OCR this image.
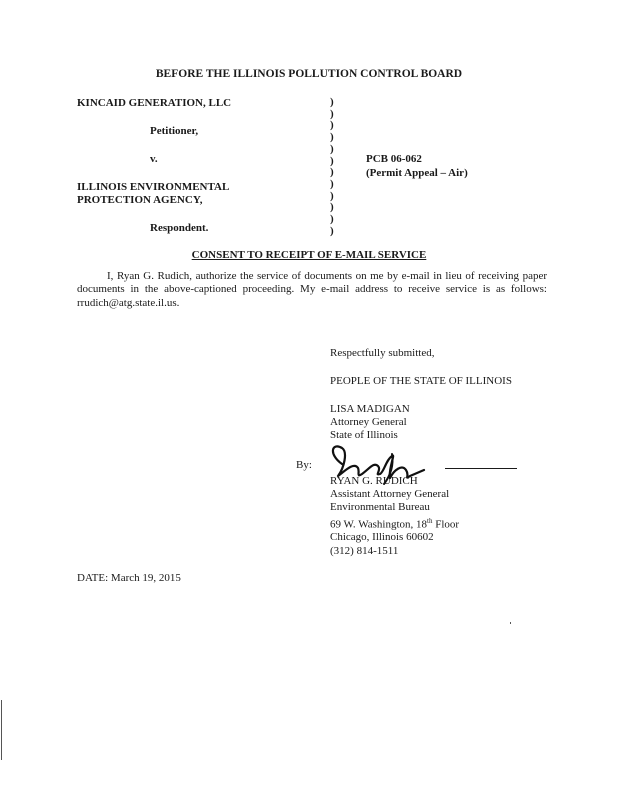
BEFORE THE ILLINOIS POLLUTION CONTROL BOARD
KINCAID GENERATION, LLC
Petitioner,
v.
ILLINOIS ENVIRONMENTAL
PROTECTION AGENCY,
Respondent.
)
)
)
)
)
)
)
)
)
)
)
)
PCB 06-062
(Permit Appeal – Air)
CONSENT TO RECEIPT OF E-MAIL SERVICE
I, Ryan G. Rudich, authorize the service of documents on me by e-mail in lieu of receiving paper documents in the above-captioned proceeding. My e-mail address to receive service is as follows: rrudich@atg.state.il.us.
Respectfully submitted,
PEOPLE OF THE STATE OF ILLINOIS
LISA MADIGAN
Attorney General
State of Illinois
By:
RYAN G. RUDICH
Assistant Attorney General
Environmental Bureau
69 W. Washington, 18th Floor
Chicago, Illinois 60602
(312) 814-1511
DATE: March 19, 2015
